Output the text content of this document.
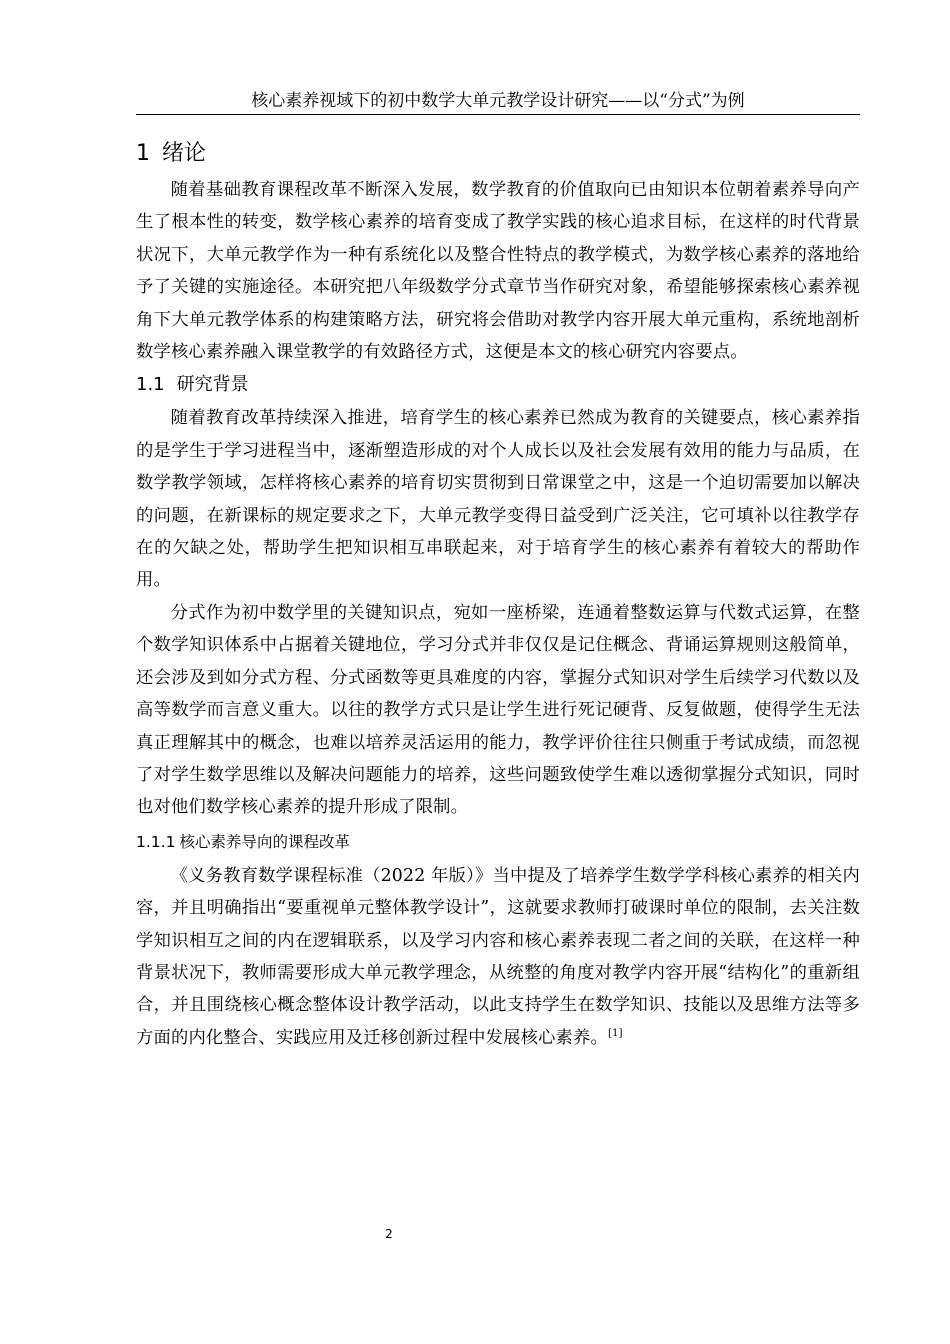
核心素养视域下的初中数学大单元教学设计研究——以“分式”为例
1 绪论

随着基础教育课程改革不断深入发展，数学教育的价值取向已由知识本位朝着素养导向产生了根本性的转变，数学核心素养的培育变成了教学实践的核心追求目标，在这样的时代背景状况下，大单元教学作为一种有系统化以及整合性特点的教学模式，为数学核心素养的落地给予了关键的实施途径。本研究把八年级数学分式章节当作研究对象，希望能够探索核心素养视角下大单元教学体系的构建策略方法，研究将会借助对教学内容开展大单元重构，系统地剖析数学核心素养融入课堂教学的有效路径方式，这便是本文的核心研究内容要点。

1.1 研究背景

随着教育改革持续深入推进，培育学生的核心素养已然成为教育的关键要点，核心素养指的是学生于学习进程当中，逐渐塑造形成的对个人成长以及社会发展有效用的能力与品质，在数学教学领域，怎样将核心素养的培育切实贯彻到日常课堂之中，这是一个迫切需要加以解决的问题，在新课标的规定要求之下，大单元教学变得日益受到广泛关注，它可填补以往教学存在的欠缺之处，帮助学生把知识相互串联起来，对于培育学生的核心素养有着较大的帮助作用。

分式作为初中数学里的关键知识点，宛如一座桥梁，连通着整数运算与代数式运算，在整个数学知识体系中占据着关键地位，学习分式并非仅仅是记住概念、背诵运算规则这般简单，还会涉及到如分式方程、分式函数等更具难度的内容，掌握分式知识对学生后续学习代数以及高等数学而言意义重大。以往的教学方式只是让学生进行死记硬背、反复做题，使得学生无法真正理解其中的概念，也难以培养灵活运用的能力，教学评价往往只侧重于考试成绩，而忽视了对学生数学思维以及解决问题能力的培养，这些问题致使学生难以透彻掌握分式知识，同时也对他们数学核心素养的提升形成了限制。

1.1.1 核心素养导向的课程改革

《义务教育数学课程标准（2022 年版）》当中提及了培养学生数学学科核心素养的相关内容，并且明确指出“要重视单元整体教学设计”，这就要求教师打破课时单位的限制，去关注数学知识相互之间的内在逻辑联系，以及学习内容和核心素养表现二者之间的关联，在这样一种背景状况下，教师需要形成大单元教学理念，从统整的角度对教学内容开展“结构化”的重新组合，并且围绕核心概念整体设计教学活动，以此支持学生在数学知识、技能以及思维方法等多方面的内化整合、实践应用及迁移创新过程中发展核心素养。[1]

2
